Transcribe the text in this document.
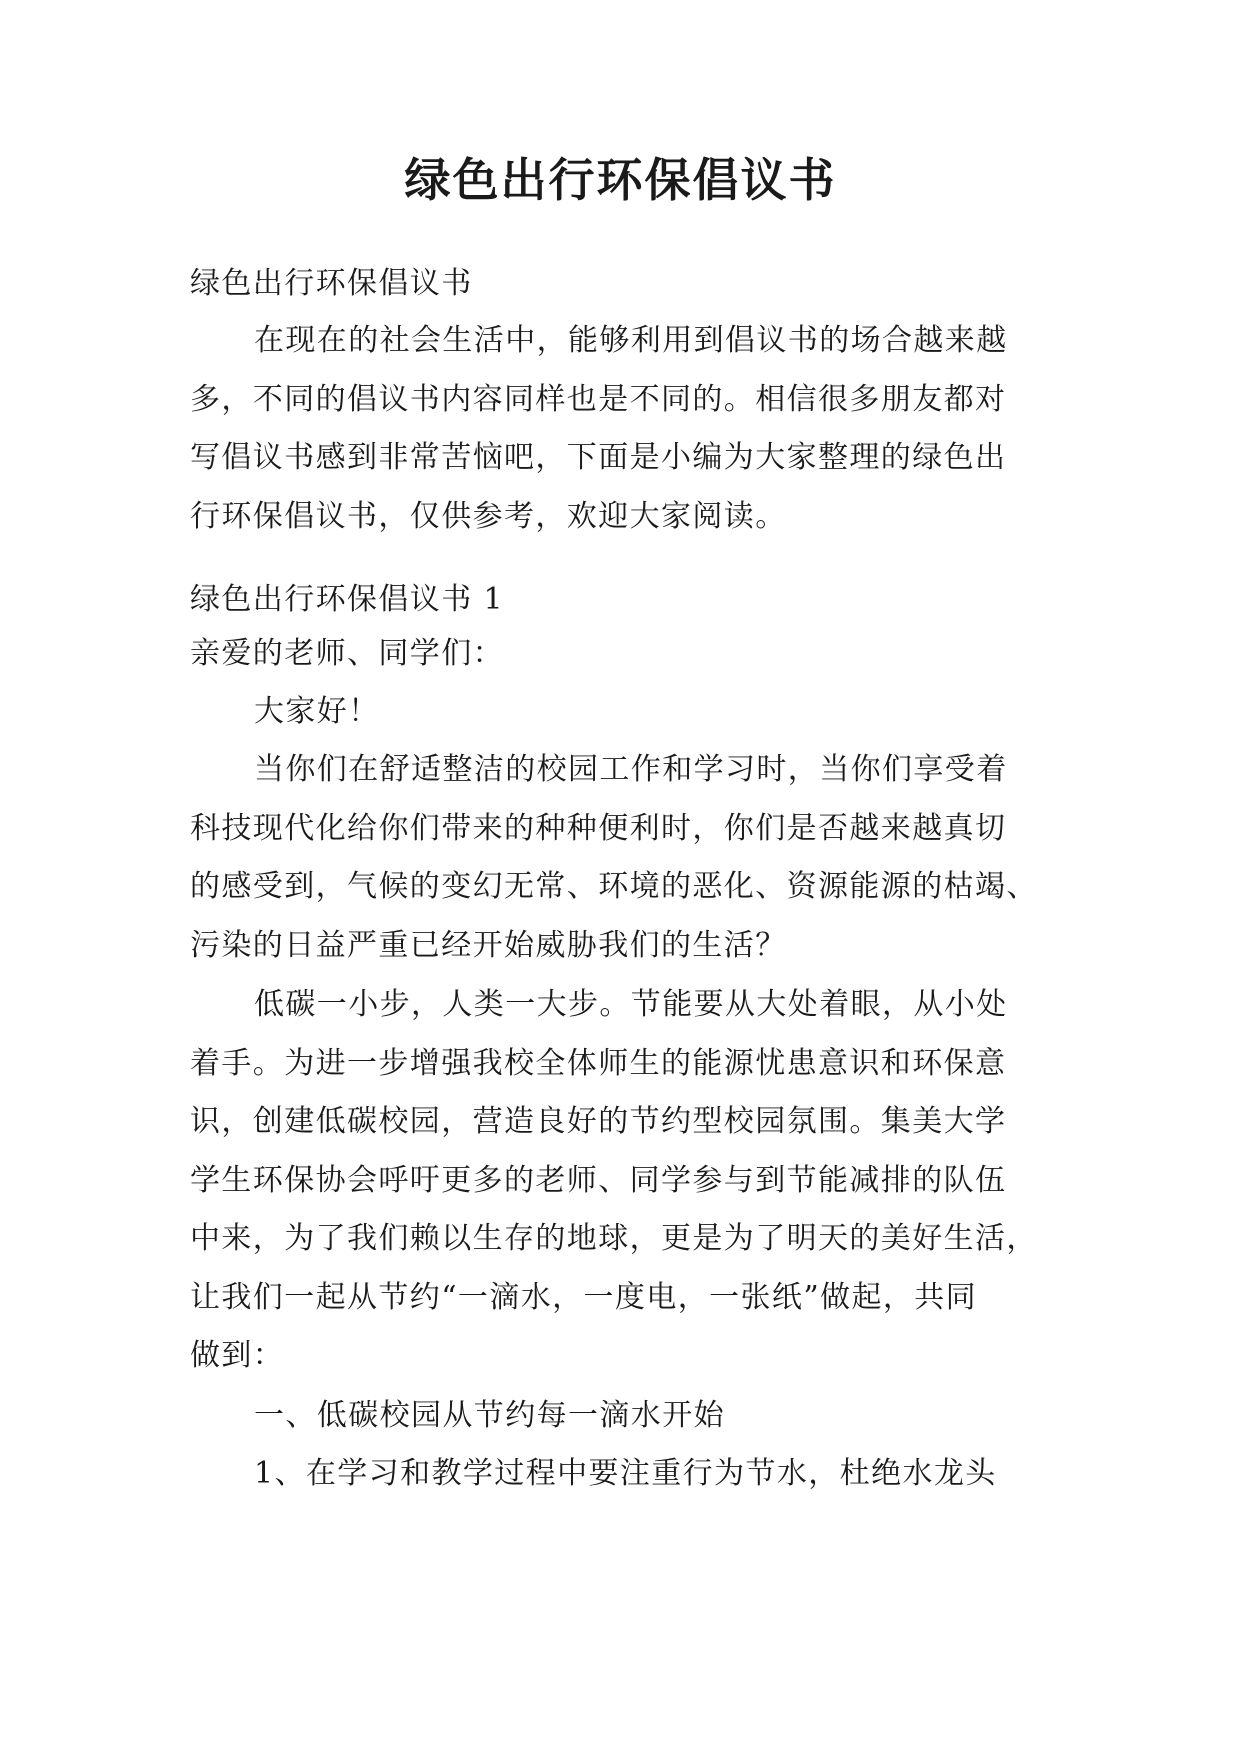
绿色出行环保倡议书
绿色出行环保倡议书
在现在的社会生活中，能够利用到倡议书的场合越来越
多，不同的倡议书内容同样也是不同的。相信很多朋友都对
写倡议书感到非常苦恼吧，下面是小编为大家整理的绿色出
行环保倡议书，仅供参考，欢迎大家阅读。
绿色出行环保倡议书 1
亲爱的老师、同学们：
大家好！
当你们在舒适整洁的校园工作和学习时，当你们享受着
科技现代化给你们带来的种种便利时，你们是否越来越真切
的感受到，气候的变幻无常、环境的恶化、资源能源的枯竭、
污染的日益严重已经开始威胁我们的生活？
低碳一小步，人类一大步。节能要从大处着眼，从小处
着手。为进一步增强我校全体师生的能源忧患意识和环保意
识，创建低碳校园，营造良好的节约型校园氛围。集美大学
学生环保协会呼吁更多的老师、同学参与到节能减排的队伍
中来，为了我们赖以生存的地球，更是为了明天的美好生活，
让我们一起从节约“一滴水，一度电，一张纸”做起，共同
做到：
一、低碳校园从节约每一滴水开始
1、在学习和教学过程中要注重行为节水，杜绝水龙头
